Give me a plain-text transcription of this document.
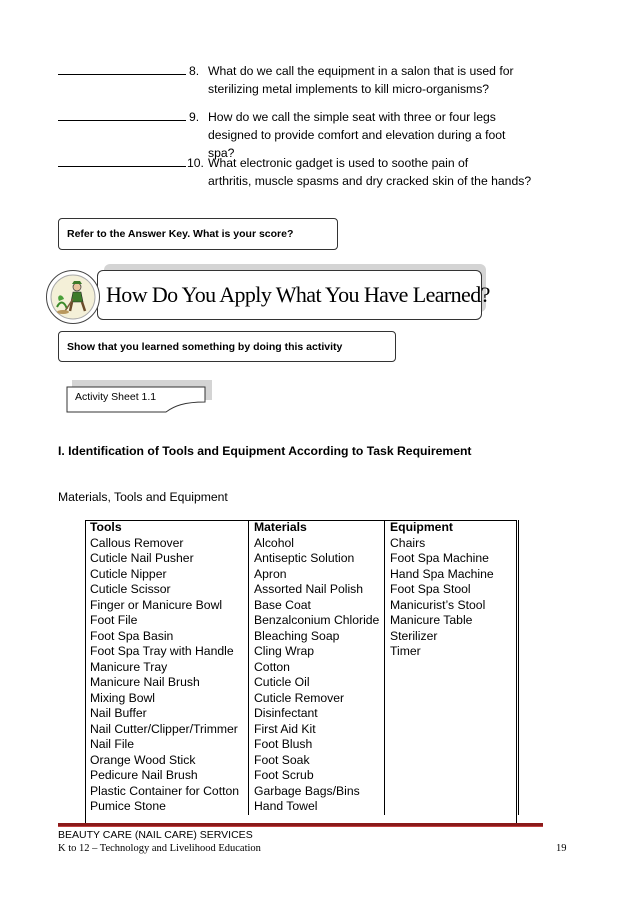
8. What do we call the equipment in a salon that is used for
sterilizing metal implements to kill micro-organisms?
9. How do we call the simple seat with three or four legs
designed to provide comfort and elevation during a foot
spa?
10. What electronic gadget is used to soothe pain of
arthritis, muscle spasms and dry cracked skin of the hands?
Refer to the Answer Key. What is your score?
How Do You Apply What You Have Learned?
Show that you learned something by doing this activity
Activity Sheet 1.1
I. Identification of Tools and Equipment According to Task Requirement
Materials, Tools and Equipment
Tools	Materials	Equipment
Callous Remover	Alcohol	Chairs
Cuticle Nail Pusher	Antiseptic Solution	Foot Spa Machine
Cuticle Nipper	Apron	Hand Spa Machine
Cuticle Scissor	Assorted Nail Polish	Foot Spa Stool
Finger or Manicure Bowl	Base Coat	Manicurist’s Stool
Foot File	Benzalconium Chloride	Manicure Table
Foot Spa Basin	Bleaching Soap	Sterilizer
Foot Spa Tray with Handle	Cling Wrap	Timer
Manicure Tray	Cotton	
Manicure Nail Brush	Cuticle Oil	
Mixing Bowl	Cuticle Remover	
Nail Buffer	Disinfectant	
Nail Cutter/Clipper/Trimmer	First Aid Kit	
Nail File	Foot Blush	
Orange Wood Stick	Foot Soak	
Pedicure Nail Brush	Foot Scrub	
Plastic Container for Cotton	Garbage Bags/Bins	
Pumice Stone	Hand Towel	
BEAUTY CARE (NAIL CARE) SERVICES
K to 12 – Technology and Livelihood Education	19
